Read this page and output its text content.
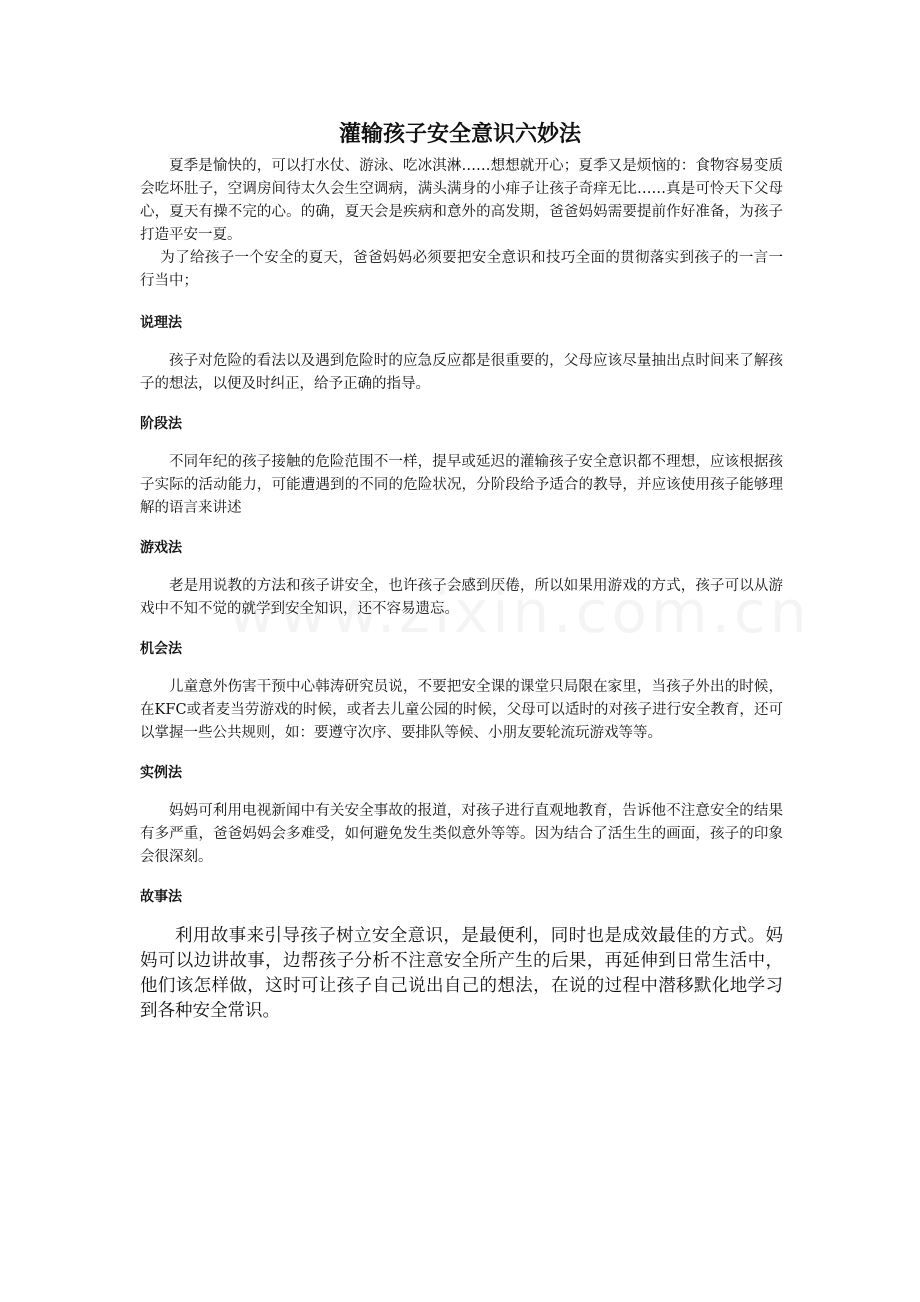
灌输孩子安全意识六妙法

夏季是愉快的，可以打水仗、游泳、吃冰淇淋……想想就开心；夏季又是烦恼的：食物容易变质会吃坏肚子，空调房间待太久会生空调病，满头满身的小痱子让孩子奇痒无比……真是可怜天下父母心，夏天有操不完的心。的确，夏天会是疾病和意外的高发期，爸爸妈妈需要提前作好准备，为孩子打造平安一夏。

为了给孩子一个安全的夏天，爸爸妈妈必须要把安全意识和技巧全面的贯彻落实到孩子的一言一行当中；

说理法

孩子对危险的看法以及遇到危险时的应急反应都是很重要的，父母应该尽量抽出点时间来了解孩子的想法，以便及时纠正，给予正确的指导。

阶段法

不同年纪的孩子接触的危险范围不一样，提早或延迟的灌输孩子安全意识都不理想，应该根据孩子实际的活动能力，可能遭遇到的不同的危险状况，分阶段给予适合的教导，并应该使用孩子能够理解的语言来讲述

游戏法

老是用说教的方法和孩子讲安全，也许孩子会感到厌倦，所以如果用游戏的方式，孩子可以从游戏中不知不觉的就学到安全知识，还不容易遗忘。

机会法

儿童意外伤害干预中心韩涛研究员说，不要把安全课的课堂只局限在家里，当孩子外出的时候，在KFC或者麦当劳游戏的时候，或者去儿童公园的时候，父母可以适时的对孩子进行安全教育，还可以掌握一些公共规则，如：要遵守次序、要排队等候、小朋友要轮流玩游戏等等。

实例法

妈妈可利用电视新闻中有关安全事故的报道，对孩子进行直观地教育，告诉他不注意安全的结果有多严重，爸爸妈妈会多难受，如何避免发生类似意外等等。因为结合了活生生的画面，孩子的印象会很深刻。

故事法

利用故事来引导孩子树立安全意识，是最便利，同时也是成效最佳的方式。妈妈可以边讲故事，边帮孩子分析不注意安全所产生的后果，再延伸到日常生活中，他们该怎样做，这时可让孩子自己说出自己的想法，在说的过程中潜移默化地学习到各种安全常识。
